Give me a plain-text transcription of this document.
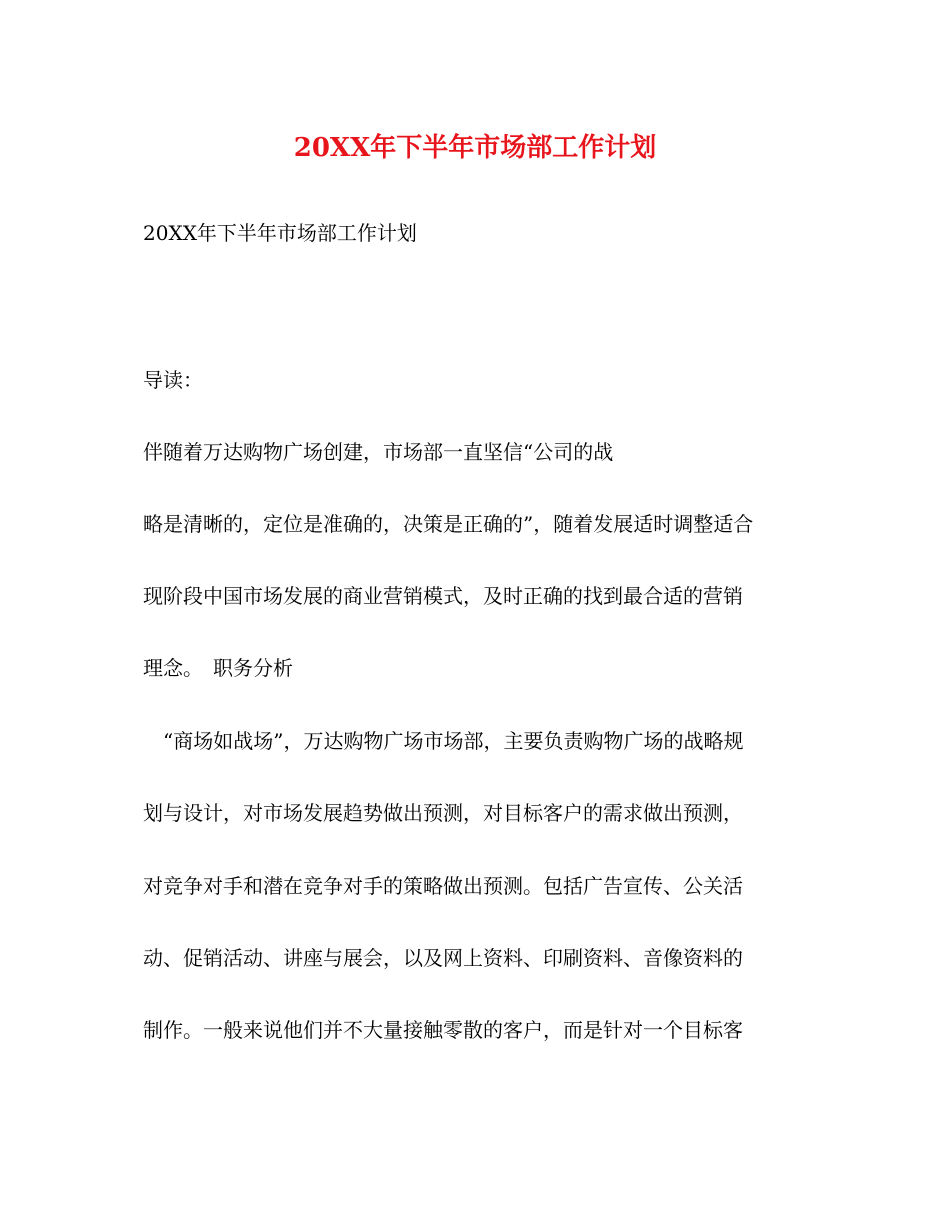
20XX年下半年市场部工作计划
20XX年下半年市场部工作计划
导读：
伴随着万达购物广场创建，市场部一直坚信“公司的战
略是清晰的，定位是准确的，决策是正确的”，随着发展适时调整适合
现阶段中国市场发展的商业营销模式，及时正确的找到最合适的营销
理念。　职务分析
　“商场如战场”，万达购物广场市场部，主要负责购物广场的战略规
划与设计，对市场发展趋势做出预测，对目标客户的需求做出预测，
对竞争对手和潜在竞争对手的策略做出预测。包括广告宣传、公关活
动、促销活动、讲座与展会，以及网上资料、印刷资料、音像资料的
制作。一般来说他们并不大量接触零散的客户，而是针对一个目标客
